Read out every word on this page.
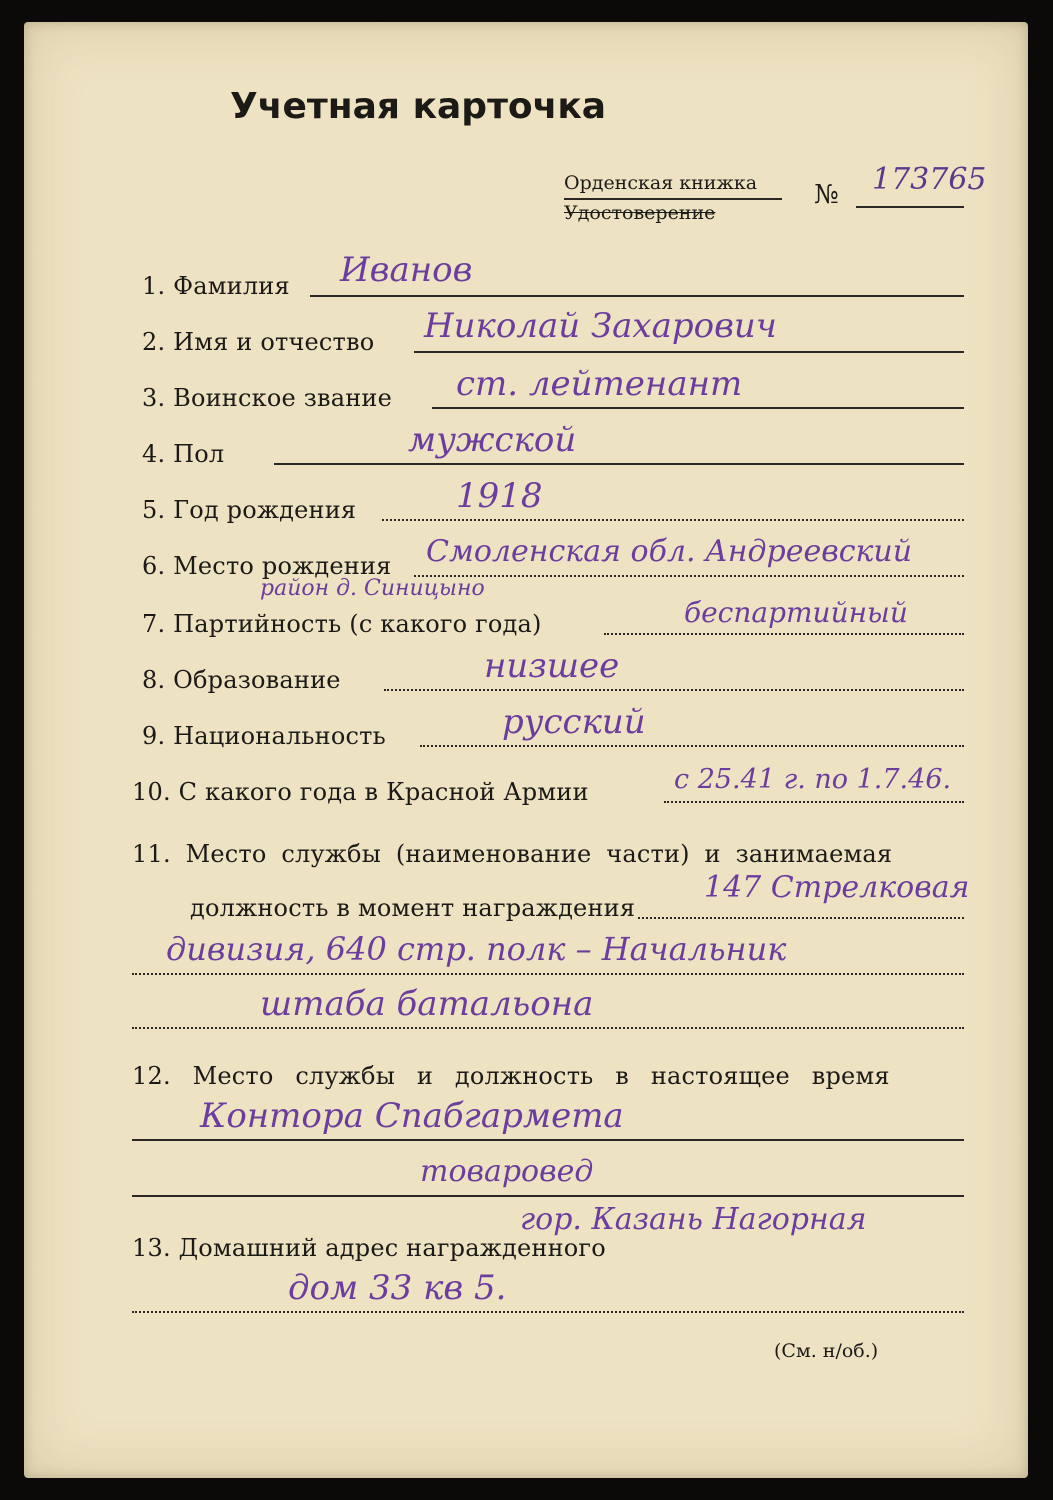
Учетная карточка
Орденская книжка
Удостоверение
№ 173765
1. Фамилия Иванов
2. Имя и отчество Николай Захарович
3. Воинское звание ст. лейтенант
4. Пол	мужской
5. Год рождения	1918
6. Место рождения Смоленская обл. Андреевский
район д. Синицыно
7. Партийность (с какого года)	беспартийный
8. Образование	низшее
9. Национальность	русский
10. С какого года в Красной Армии	с 25.41 г. по 1.7.46.
11. Место службы (наименование части) и занимаемая
должность в момент награждения
147 Стрелковая
дивизия, 640 стр. полк – Начальник
штаба батальона
12. Место службы и должность в настоящее время
Контора Спабгармета
товаровед
13. Домашний адрес награжденного
гор. Казань Нагорная
дом 33 кв 5.
(См. н/об.)
